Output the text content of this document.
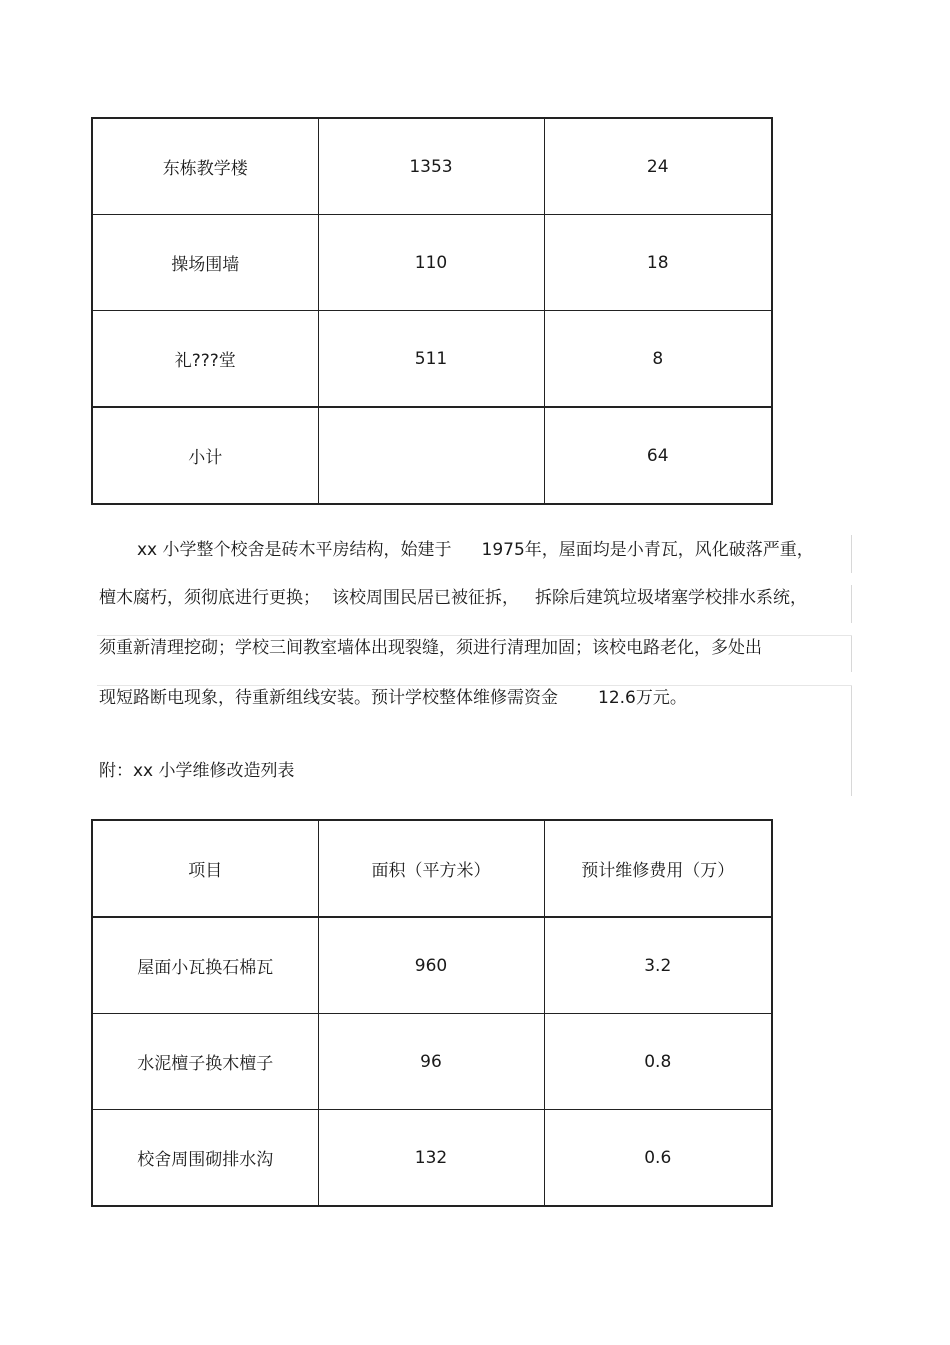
东栋教学楼	1353	24
操场围墙	110	18
礼???堂	511	8
小计		64
xx 小学整个校舍是砖木平房结构，始建于 1975年，屋面均是小青瓦，风化破落严重，
檀木腐朽，须彻底进行更换； 该校周围民居已被征拆， 拆除后建筑垃圾堵塞学校排水系统，
须重新清理挖砌；学校三间教室墙体出现裂缝，须进行清理加固；该校电路老化，多处出
现短路断电现象，待重新组线安装。预计学校整体维修需资金 12.6万元。
附：xx 小学维修改造列表
项目	面积（平方米）	预计维修费用（万）
屋面小瓦换石棉瓦	960	3.2
水泥檀子换木檀子	96	0.8
校舍周围砌排水沟	132	0.6
